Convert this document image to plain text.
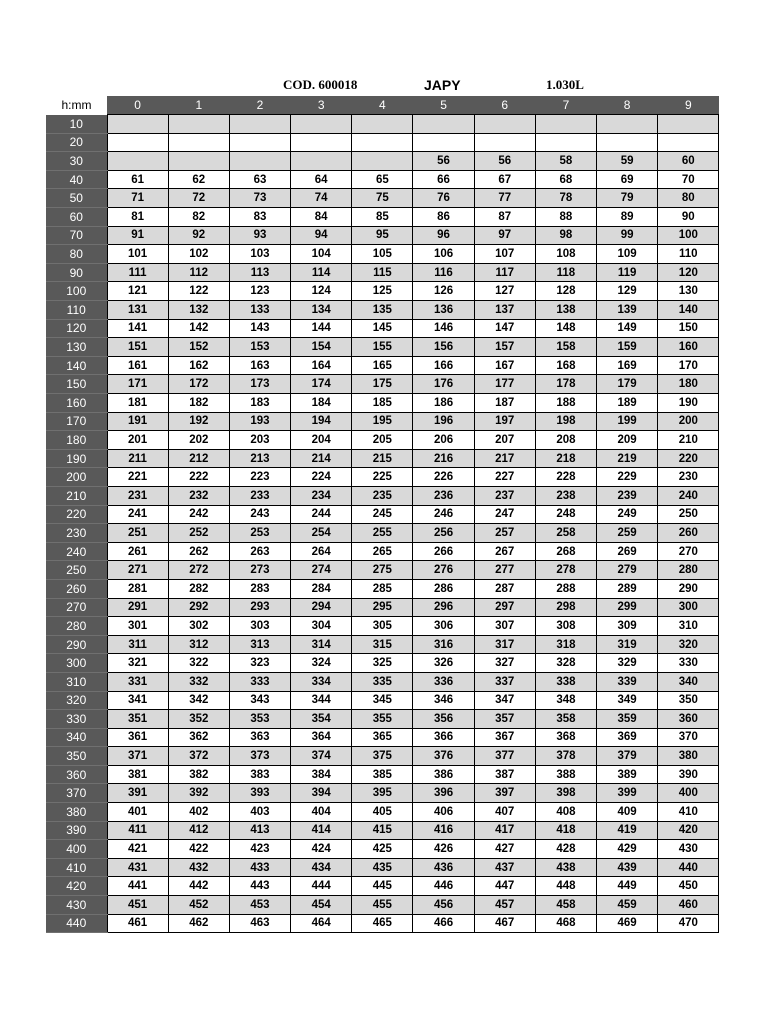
COD. 600018	JAPY	1.030L
h:mm	0	1	2	3	4	5	6	7	8	9
10										
20										
30						56	56	58	59	60
40	61	62	63	64	65	66	67	68	69	70
50	71	72	73	74	75	76	77	78	79	80
60	81	82	83	84	85	86	87	88	89	90
70	91	92	93	94	95	96	97	98	99	100
80	101	102	103	104	105	106	107	108	109	110
90	111	112	113	114	115	116	117	118	119	120
100	121	122	123	124	125	126	127	128	129	130
110	131	132	133	134	135	136	137	138	139	140
120	141	142	143	144	145	146	147	148	149	150
130	151	152	153	154	155	156	157	158	159	160
140	161	162	163	164	165	166	167	168	169	170
150	171	172	173	174	175	176	177	178	179	180
160	181	182	183	184	185	186	187	188	189	190
170	191	192	193	194	195	196	197	198	199	200
180	201	202	203	204	205	206	207	208	209	210
190	211	212	213	214	215	216	217	218	219	220
200	221	222	223	224	225	226	227	228	229	230
210	231	232	233	234	235	236	237	238	239	240
220	241	242	243	244	245	246	247	248	249	250
230	251	252	253	254	255	256	257	258	259	260
240	261	262	263	264	265	266	267	268	269	270
250	271	272	273	274	275	276	277	278	279	280
260	281	282	283	284	285	286	287	288	289	290
270	291	292	293	294	295	296	297	298	299	300
280	301	302	303	304	305	306	307	308	309	310
290	311	312	313	314	315	316	317	318	319	320
300	321	322	323	324	325	326	327	328	329	330
310	331	332	333	334	335	336	337	338	339	340
320	341	342	343	344	345	346	347	348	349	350
330	351	352	353	354	355	356	357	358	359	360
340	361	362	363	364	365	366	367	368	369	370
350	371	372	373	374	375	376	377	378	379	380
360	381	382	383	384	385	386	387	388	389	390
370	391	392	393	394	395	396	397	398	399	400
380	401	402	403	404	405	406	407	408	409	410
390	411	412	413	414	415	416	417	418	419	420
400	421	422	423	424	425	426	427	428	429	430
410	431	432	433	434	435	436	437	438	439	440
420	441	442	443	444	445	446	447	448	449	450
430	451	452	453	454	455	456	457	458	459	460
440	461	462	463	464	465	466	467	468	469	470
